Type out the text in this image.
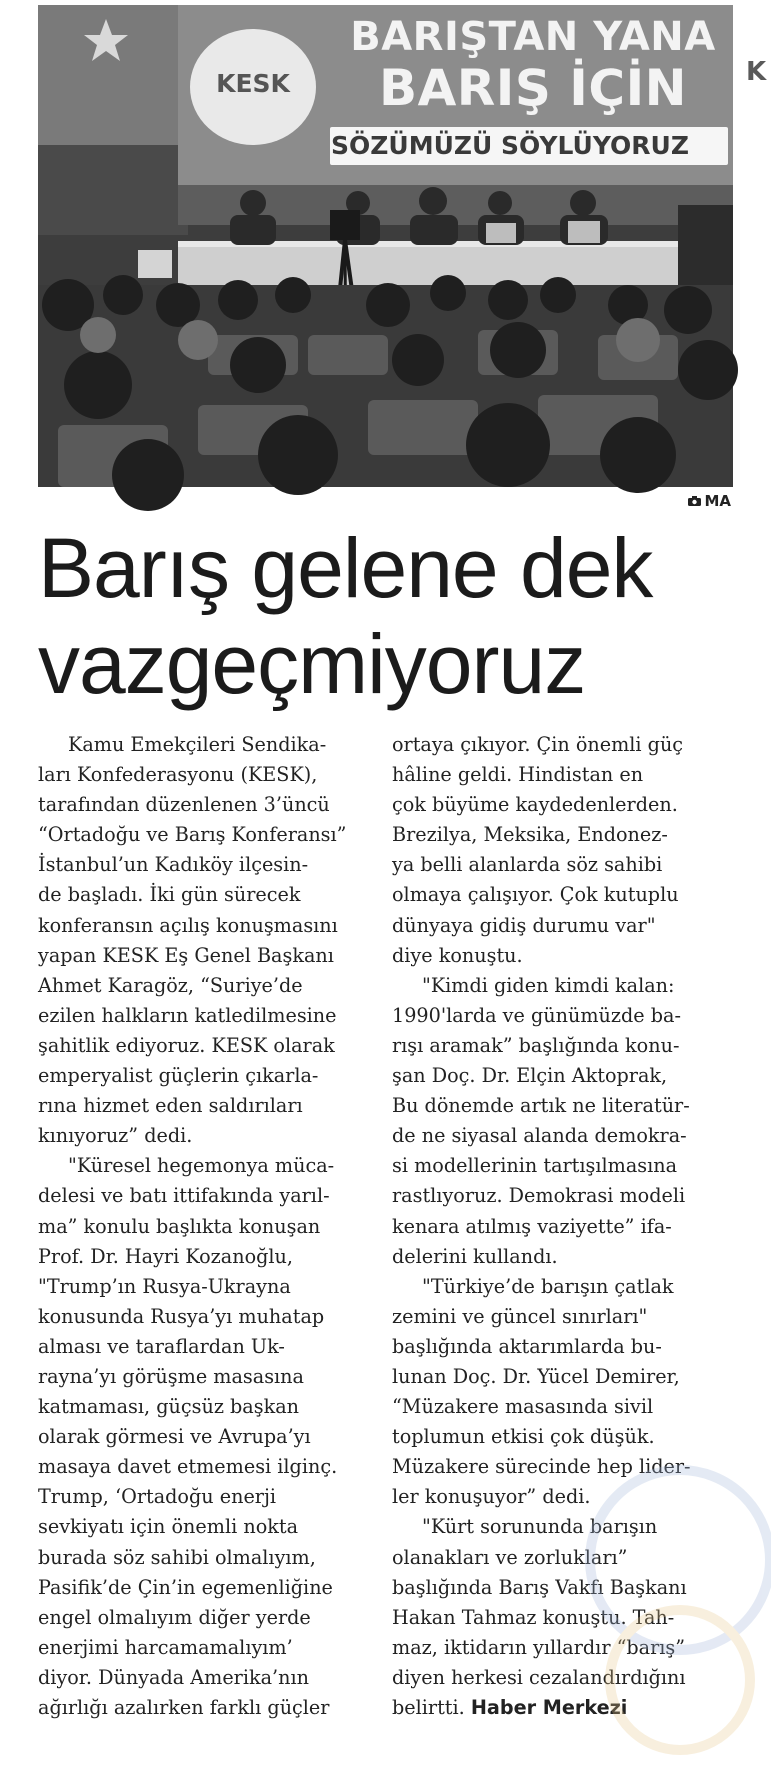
KESK
BARIŞTAN YANA
BARIŞ İÇİN
SÖZÜMÜZÜ SÖYLÜYORUZ
K
MA
Barış gelene dek
vazgeçmiyoruz
Kamu Emekçileri Sendika-
ları Konfederasyonu (KESK),
tarafından düzenlenen 3’üncü
“Ortadoğu ve Barış Konferansı”
İstanbul’un Kadıköy ilçesin-
de başladı. İki gün sürecek
konferansın açılış konuşmasını
yapan KESK Eş Genel Başkanı
Ahmet Karagöz, “Suriye’de
ezilen halkların katledilmesine
şahitlik ediyoruz. KESK olarak
emperyalist güçlerin çıkarla-
rına hizmet eden saldırıları
kınıyoruz” dedi.
"Küresel hegemonya müca-
delesi ve batı ittifakında yarıl-
ma” konulu başlıkta konuşan
Prof. Dr. Hayri Kozanoğlu,
"Trump’ın Rusya-Ukrayna
konusunda Rusya’yı muhatap
alması ve taraflardan Uk-
rayna’yı görüşme masasına
katmaması, güçsüz başkan
olarak görmesi ve Avrupa’yı
masaya davet etmemesi ilginç.
Trump, ‘Ortadoğu enerji
sevkiyatı için önemli nokta
burada söz sahibi olmalıyım,
Pasifik’de Çin’in egemenliğine
engel olmalıyım diğer yerde
enerjimi harcamamalıyım’
diyor. Dünyada Amerika’nın
ağırlığı azalırken farklı güçler
ortaya çıkıyor. Çin önemli güç
hâline geldi. Hindistan en
çok büyüme kaydedenlerden.
Brezilya, Meksika, Endonez-
ya belli alanlarda söz sahibi
olmaya çalışıyor. Çok kutuplu
dünyaya gidiş durumu var"
diye konuştu.
"Kimdi giden kimdi kalan:
1990'larda ve günümüzde ba-
rışı aramak” başlığında konu-
şan Doç. Dr. Elçin Aktoprak,
Bu dönemde artık ne literatür-
de ne siyasal alanda demokra-
si modellerinin tartışılmasına
rastlıyoruz. Demokrasi modeli
kenara atılmış vaziyette” ifa-
delerini kullandı.
"Türkiye’de barışın çatlak
zemini ve güncel sınırları"
başlığında aktarımlarda bu-
lunan Doç. Dr. Yücel Demirer,
“Müzakere masasında sivil
toplumun etkisi çok düşük.
Müzakere sürecinde hep lider-
ler konuşuyor” dedi.
"Kürt sorununda barışın
olanakları ve zorlukları”
başlığında Barış Vakfı Başkanı
Hakan Tahmaz konuştu. Tah-
maz, iktidarın yıllardır “barış”
diyen herkesi cezalandırdığını
belirtti. Haber Merkezi
